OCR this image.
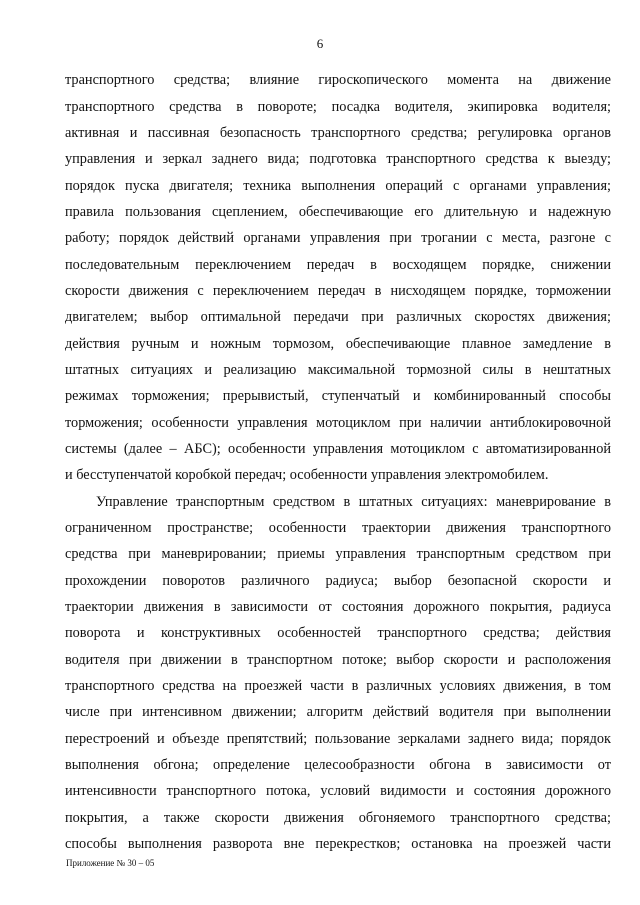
6
транспортного средства; влияние гироскопического момента на движение
транспортного средства в повороте; посадка водителя, экипировка водителя;
активная и пассивная безопасность транспортного средства; регулировка органов
управления и зеркал заднего вида; подготовка транспортного средства к выезду;
порядок пуска двигателя; техника выполнения операций с органами управления;
правила пользования сцеплением, обеспечивающие его длительную и надежную
работу; порядок действий органами управления при трогании с места, разгоне с
последовательным переключением передач в восходящем порядке, снижении
скорости движения с переключением передач в нисходящем порядке, торможении
двигателем; выбор оптимальной передачи при различных скоростях движения;
действия ручным и ножным тормозом, обеспечивающие плавное замедление в
штатных ситуациях и реализацию максимальной тормозной силы в нештатных
режимах торможения; прерывистый, ступенчатый и комбинированный способы
торможения; особенности управления мотоциклом при наличии антиблокировочной
системы (далее – АБС); особенности управления мотоциклом с автоматизированной
и бесступенчатой коробкой передач; особенности управления электромобилем.
Управление транспортным средством в штатных ситуациях: маневрирование в
ограниченном пространстве; особенности траектории движения транспортного
средства при маневрировании; приемы управления транспортным средством при
прохождении поворотов различного радиуса; выбор безопасной скорости и
траектории движения в зависимости от состояния дорожного покрытия, радиуса
поворота и конструктивных особенностей транспортного средства; действия
водителя при движении в транспортном потоке; выбор скорости и расположения
транспортного средства на проезжей части в различных условиях движения, в том
числе при интенсивном движении; алгоритм действий водителя при выполнении
перестроений и объезде препятствий; пользование зеркалами заднего вида; порядок
выполнения обгона; определение целесообразности обгона в зависимости от
интенсивности транспортного потока, условий видимости и состояния дорожного
покрытия, а также скорости движения обгоняемого транспортного средства;
способы выполнения разворота вне перекрестков; остановка на проезжей части
Приложение № 30 – 05
